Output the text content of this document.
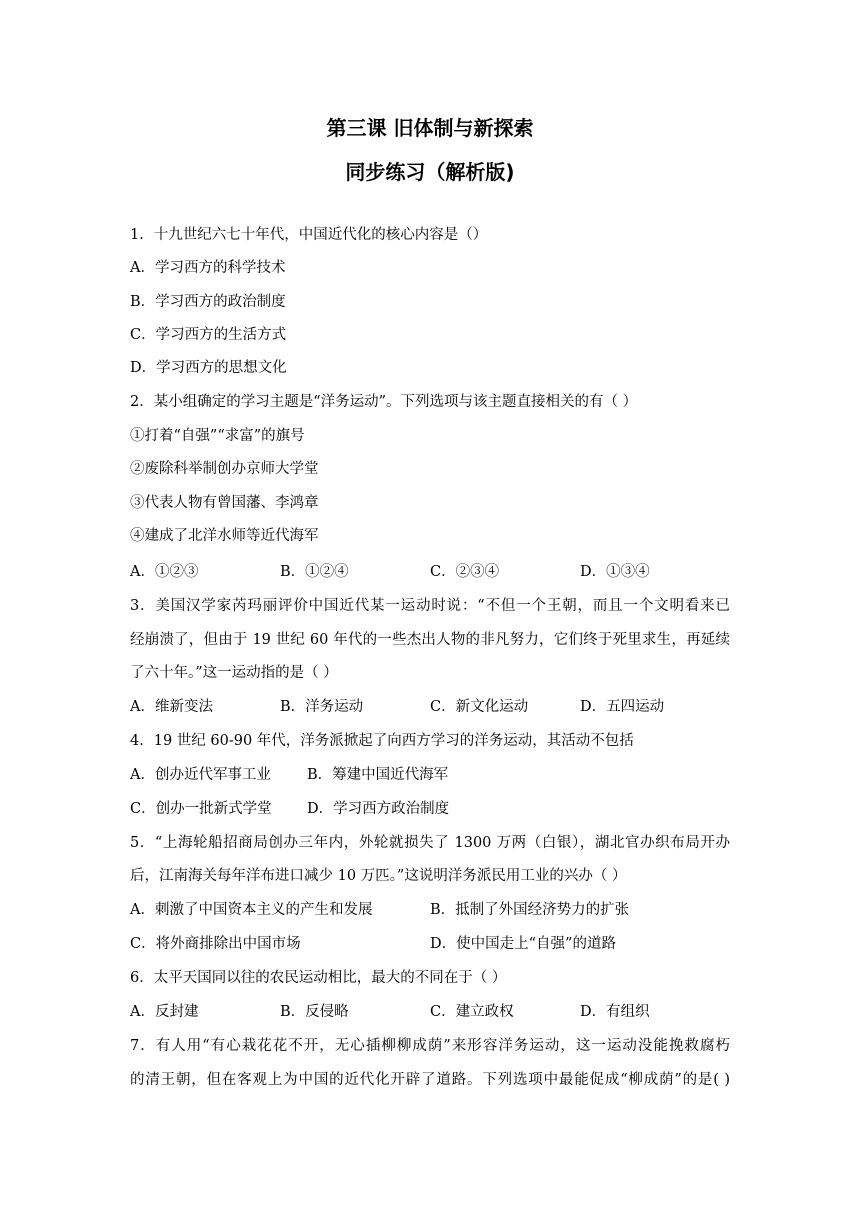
第三课 旧体制与新探索
同步练习（解析版)
1．十九世纪六七十年代，中国近代化的核心内容是（）
A．学习西方的科学技术
B．学习西方的政治制度
C．学习西方的生活方式
D．学习西方的思想文化
2．某小组确定的学习主题是“洋务运动”。下列选项与该主题直接相关的有（ ）
①打着“自强”“求富”的旗号
②废除科举制创办京师大学堂
③代表人物有曾国藩、李鸿章
④建成了北洋水师等近代海军
A．①②③	B．①②④	C．②③④	D．①③④
3．美国汉学家芮玛丽评价中国近代某一运动时说：“不但一个王朝，而且一个文明看来已
经崩溃了，但由于 19 世纪 60 年代的一些杰出人物的非凡努力，它们终于死里求生，再延续
了六十年。”这一运动指的是（ ）
A．维新变法	B．洋务运动	C．新文化运动	D．五四运动
4．19 世纪 60-90 年代，洋务派掀起了向西方学习的洋务运动，其活动不包括
A．创办近代军事工业 B．筹建中国近代海军
C．创办一批新式学堂 D．学习西方政治制度
5．“上海轮船招商局创办三年内，外轮就损失了 1300 万两（白银），湖北官办织布局开办
后，江南海关每年洋布进口减少 10 万匹。”这说明洋务派民用工业的兴办（ ）
A．刺激了中国资本主义的产生和发展	B．抵制了外国经济势力的扩张
C．将外商排除出中国市场	D．使中国走上“自强”的道路
6．太平天国同以往的农民运动相比，最大的不同在于（ ）
A．反封建	B．反侵略	C．建立政权	D．有组织
7．有人用“有心栽花花不开，无心插柳柳成荫”来形容洋务运动，这一运动没能挽救腐朽
的清王朝，但在客观上为中国的近代化开辟了道路。下列选项中最能促成“柳成荫”的是( )
